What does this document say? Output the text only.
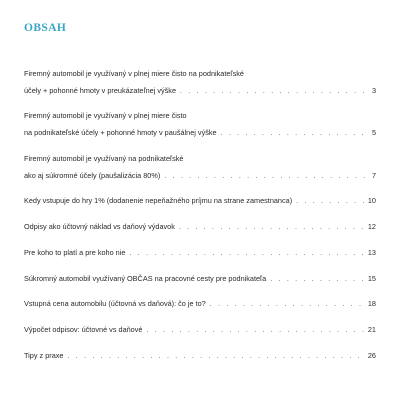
OBSAH
Firemný automobil je využívaný v plnej miere čisto na podnikateľské
účely + pohonné hmoty v preukázateľnej výške . . .	3
Firemný automobil je využívaný v plnej miere čisto
na podnikateľské účely + pohonné hmoty v paušálnej výške . . .	5
Firemný automobil je využívaný na podnikateľské
ako aj súkromné účely (paušalizácia 80%) . . .	7
Kedy vstupuje do hry 1% (dodanenie nepeňažného príjmu na strane zamestnanca) . . .	10
Odpisy ako účtovný náklad vs daňový výdavok . . .	12
Pre koho to platí a pre koho nie . . .	13
Súkromný automobil využívaný OBČAS na pracovné cesty pre podnikateľa . . .	15
Vstupná cena automobilu (účtovná vs daňová): čo je to? . . .	18
Výpočet odpisov: účtovné vs daňové . . .	21
Tipy z praxe . . .	26
